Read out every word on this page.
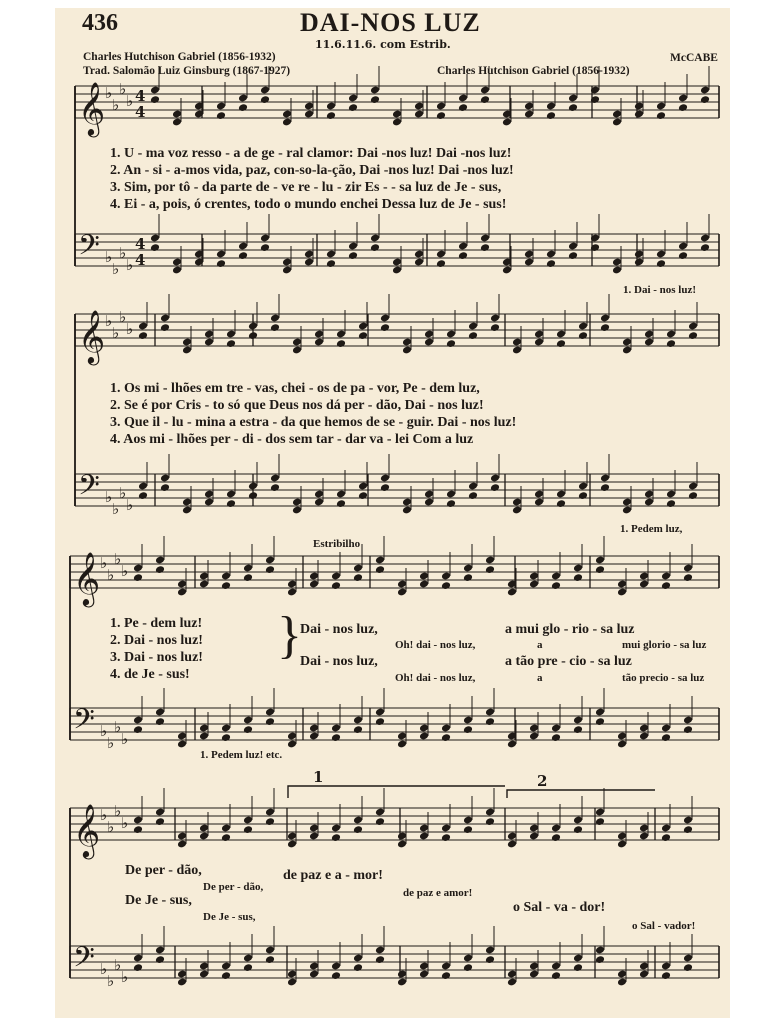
436	DAI-NOS LUZ
11.6.11.6. com Estrib.
Charles Hutchison Gabriel (1856-1932)
Trad. Salomão Luiz Ginsburg (1867-1927)
McCABE
Charles Hutchison Gabriel (1856-1932)
𝄞 ♭
♭
♭
♭ 4
4
𝄢 ♭
♭
♭
♭
4
4
𝄞 ♭
♭
♭
♭
𝄢 ♭
♭
♭
♭
𝄞 ♭
♭
♭
♭
𝄢 ♭
♭
♭
♭
𝄞 ♭
♭
♭
♭
𝄢 ♭
♭
♭
♭
1. U - ma voz resso - a de ge - ral clamor: Dai -nos luz! Dai -nos luz!
2. An - si - a-mos vida, paz, con-so-la-ção, Dai -nos luz! Dai -nos luz!
3. Sim, por tô - da parte de - ve re - lu - zir Es - - sa luz de Je - sus,
4. Ei - a, pois, ó crentes, todo o mundo enchei Dessa luz de Je - sus!
1. Dai - nos luz!
1. Os mi - lhões em tre - vas, chei - os de pa - vor, Pe - dem luz,
2. Se é por Cris - to só que Deus nos dá per - dão, Dai - nos luz!
3. Que il - lu - mina a estra - da que hemos de se - guir. Dai - nos luz!
4. Aos mi - lhões per - di - dos sem tar - dar va - lei Com a luz
1. Pedem luz,
Estribilho
1. Pe - dem luz!
2. Dai - nos luz!
3. Dai - nos luz!
4. de Je - sus!
}
Dai - nos luz,	a mui glo - rio - sa luz
Oh! dai - nos luz,	a	mui glorio - sa luz
Dai - nos luz,	a tão pre - cio - sa luz
Oh! dai - nos luz,	a	tão precio - sa luz
1. Pedem luz! etc.
1	2
De per - dão,	de paz e a - mor!
De per - dão,	de paz e amor!
De Je - sus,	o Sal - va - dor!
De Je - sus,
o Sal - vador!
